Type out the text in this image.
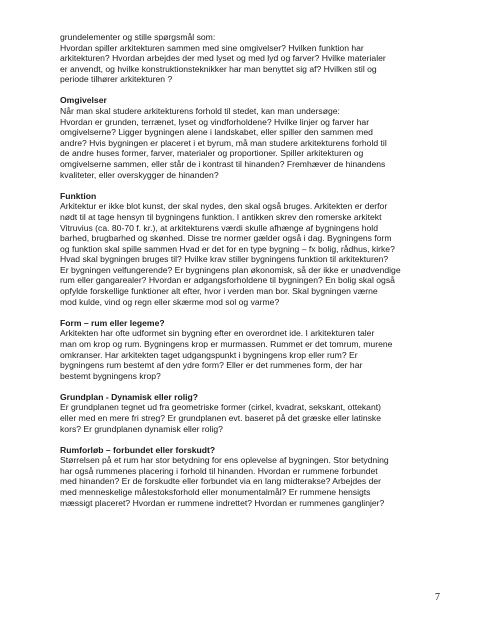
grundelementer og stille spørgsmål som:

Hvordan spiller arkitekturen sammen med sine omgivelser? Hvilken funktion har

arkitekturen? Hvordan arbejdes der med lyset og med lyd og farver? Hvilke materialer

er anvendt, og hvilke konstruktionsteknikker har man benyttet sig af? Hvilken stil og

periode tilhører arkitekturen ?

Omgivelser

Når man skal studere arkitekturens forhold til stedet, kan man undersøge:

Hvordan er grunden, terrænet, lyset og vindforholdene? Hvilke linjer og farver har

omgivelserne? Ligger bygningen alene i landskabet, eller spiller den sammen med

andre? Hvis bygningen er placeret i et byrum, må man studere arkitekturens forhold til

de andre huses former, farver, materialer og proportioner. Spiller arkitekturen og

omgivelserne sammen, eller står de i kontrast til hinanden? Fremhæver de hinandens

kvaliteter, eller overskygger de hinanden?

Funktion

Arkitektur er ikke blot kunst, der skal nydes, den skal også bruges. Arkitekten er derfor

nødt til at tage hensyn til bygningens funktion. I antikken skrev den romerske arkitekt

Vitruvius (ca. 80-70 f. kr.), at arkitekturens værdi skulle afhænge af bygningens hold

barhed, brugbarhed og skønhed. Disse tre normer gælder også i dag. Bygningens form

og funktion skal spille sammen Hvad er det for en type bygning – fx bolig, rådhus, kirke?

Hvad skal bygningen bruges til? Hvilke krav stiller bygningens funktion til arkitekturen?

Er bygningen velfungerende? Er bygningens plan økonomisk, så der ikke er unødvendige

rum eller gangarealer? Hvordan er adgangsforholdene til bygningen? En bolig skal også

opfylde forskellige funktioner alt efter, hvor i verden man bor. Skal bygningen værne

mod kulde, vind og regn eller skærme mod sol og varme?

Form – rum eller legeme?

Arkitekten har ofte udformet sin bygning efter en overordnet ide. I arkitekturen taler

man om krop og rum. Bygningens krop er murmassen. Rummet er det tomrum, murene

omkranser. Har arkitekten taget udgangspunkt i bygningens krop eller rum? Er

bygningens rum bestemt af den ydre form? Eller er det rummenes form, der har

bestemt bygningens krop?

Grundplan - Dynamisk eller rolig?

Er grundplanen tegnet ud fra geometriske former (cirkel, kvadrat, sekskant, ottekant)

eller med en mere fri streg? Er grundplanen evt. baseret på det græske eller latinske

kors? Er grundplanen dynamisk eller rolig?

Rumforløb – forbundet eller forskudt?

Størrelsen på et rum har stor betydning for ens oplevelse af bygningen. Stor betydning

har også rummenes placering i forhold til hinanden. Hvordan er rummene forbundet

med hinanden? Er de forskudte eller forbundet via en lang midterakse? Arbejdes der

med menneskelige målestoksforhold eller monumentalmål? Er rummene hensigts

mæssigt placeret? Hvordan er rummene indrettet? Hvordan er rummenes ganglinjer?

7
